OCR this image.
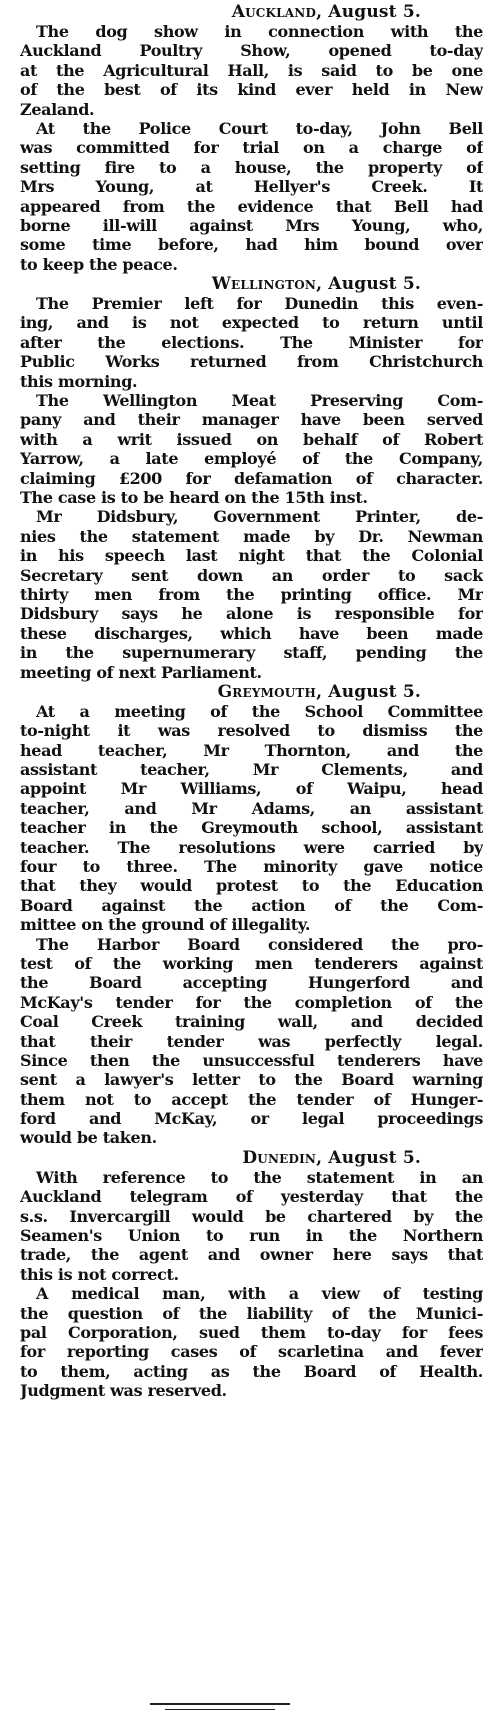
Auckland, August 5.
The dog show in connection with the
Auckland Poultry Show, opened to-day
at the Agricultural Hall, is said to be one
of the best of its kind ever held in New
Zealand.
At the Police Court to-day, John Bell
was committed for trial on a charge of
setting fire to a house, the property of
Mrs Young, at Hellyer's Creek. It
appeared from the evidence that Bell had
borne ill-will against Mrs Young, who,
some time before, had him bound over
to keep the peace.
Wellington, August 5.
The Premier left for Dunedin this even-
ing, and is not expected to return until
after the elections. The Minister for
Public Works returned from Christchurch
this morning.
The Wellington Meat Preserving Com-
pany and their manager have been served
with a writ issued on behalf of Robert
Yarrow, a late employé of the Company,
claiming £200 for defamation of character.
The case is to be heard on the 15th inst.
Mr Didsbury, Government Printer, de-
nies the statement made by Dr. Newman
in his speech last night that the Colonial
Secretary sent down an order to sack
thirty men from the printing office. Mr
Didsbury says he alone is responsible for
these discharges, which have been made
in the supernumerary staff, pending the
meeting of next Parliament.
Greymouth, August 5.
At a meeting of the School Committee
to-night it was resolved to dismiss the
head teacher, Mr Thornton, and the
assistant teacher, Mr Clements, and
appoint Mr Williams, of Waipu, head
teacher, and Mr Adams, an assistant
teacher in the Greymouth school, assistant
teacher. The resolutions were carried by
four to three. The minority gave notice
that they would protest to the Education
Board against the action of the Com-
mittee on the ground of illegality.
The Harbor Board considered the pro-
test of the working men tenderers against
the Board accepting Hungerford and
McKay's tender for the completion of the
Coal Creek training wall, and decided
that their tender was perfectly legal.
Since then the unsuccessful tenderers have
sent a lawyer's letter to the Board warning
them not to accept the tender of Hunger-
ford and McKay, or legal proceedings
would be taken.
Dunedin, August 5.
With reference to the statement in an
Auckland telegram of yesterday that the
s.s. Invercargill would be chartered by the
Seamen's Union to run in the Northern
trade, the agent and owner here says that
this is not correct.
A medical man, with a view of testing
the question of the liability of the Munici-
pal Corporation, sued them to-day for fees
for reporting cases of scarletina and fever
to them, acting as the Board of Health.
Judgment was reserved.
